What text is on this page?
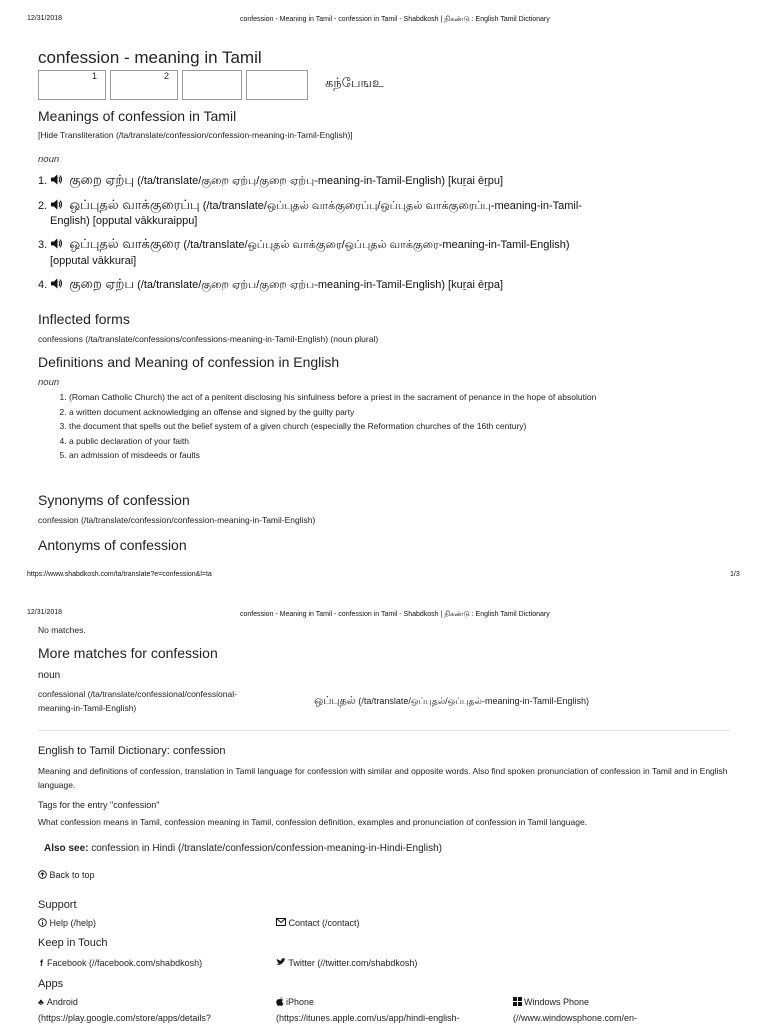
12/31/2018	confession - Meaning in Tamil - confession in Tamil - Shabdkosh | நிகண்டு : English Tamil Dictionary
confession - meaning in Tamil
1	2	கந்பேஙஉ
Meanings of confession in Tamil
[Hide Transliteration (/ta/translate/confession/confession-meaning-in-Tamil-English)]
noun
1. குறை ஏற்பு (/ta/translate/குறை ஏற்பு/குறை ஏற்பு-meaning-in-Tamil-English) [kuṟai ēṟpu]
2. ஒப்புதல் வாக்குரைப்பு (/ta/translate/ஒப்புதல் வாக்குரைப்பு/ஒப்புதல் வாக்குரைப்பு-meaning-in-Tamil-
English) [opputal vākkuraippu]
3. ஒப்புதல் வாக்குரை (/ta/translate/ஒப்புதல் வாக்குரை/ஒப்புதல் வாக்குரை-meaning-in-Tamil-English)
[opputal vākkurai]
4. குறை ஏற்ப (/ta/translate/குறை ஏற்ப/குறை ஏற்ப-meaning-in-Tamil-English) [kuṟai ēṟpa]
Inflected forms
confessions (/ta/translate/confessions/confessions-meaning-in-Tamil-English) (noun plural)
Definitions and Meaning of confession in English
noun
1. (Roman Catholic Church) the act of a penitent disclosing his sinfulness before a priest in the sacrament of penance in the hope of absolution
2. a written document acknowledging an offense and signed by the guilty party
3. the document that spells out the belief system of a given church (especially the Reformation churches of the 16th century)
4. a public declaration of your faith
5. an admission of misdeeds or faults
Synonyms of confession
confession (/ta/translate/confession/confession-meaning-in-Tamil-English)
Antonyms of confession
https://www.shabdkosh.com/ta/translate?e=confession&l=ta	1/3
12/31/2018	confession - Meaning in Tamil - confession in Tamil - Shabdkosh | நிகண்டு : English Tamil Dictionary
No matches.
More matches for confession
noun
confessional (/ta/translate/confessional/confessional-
meaning-in-Tamil-English)
ஒப்புதல் (/ta/translate/ஒப்புதல்/ஒப்புதல்-meaning-in-Tamil-English)
English to Tamil Dictionary: confession
Meaning and definitions of confession, translation in Tamil language for confession with similar and opposite words. Also find spoken pronunciation of confession in Tamil and in English language.
Tags for the entry "confession"
What confession means in Tamil, confession meaning in Tamil, confession definition, examples and pronunciation of confession in Tamil language.
Also see: confession in Hindi (/translate/confession/confession-meaning-in-Hindi-English)
Back to top
Support
Help (/help)	Contact (/contact)
Keep in Touch
f Facebook (//facebook.com/shabdkosh)	Twitter (//twitter.com/shabdkosh)
Apps
♣ Android
(https://play.google.com/store/apps/details?
iPhone
(https://itunes.apple.com/us/app/hindi-english-
Windows Phone
(//www.windowsphone.com/en-
